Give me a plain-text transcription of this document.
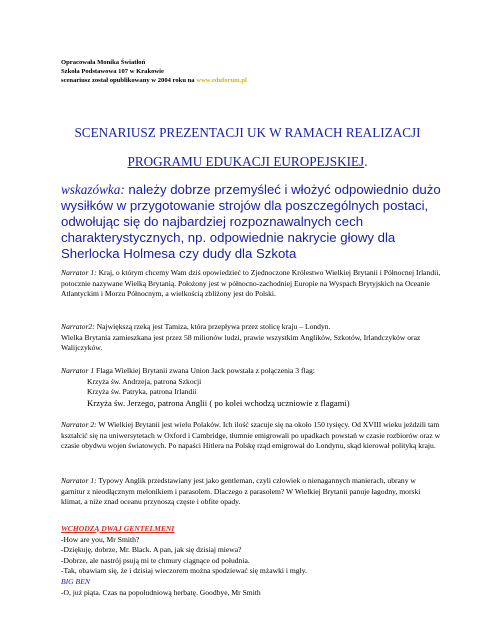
Opracowała Monika Światłoń
Szkoła Podstawowa 107 w Krakowie
scenariusz został opublikowany w 2004 roku na www.eduforum.pl
SCENARIUSZ PREZENTACJI UK W RAMACH REALIZACJI
PROGRAMU EDUKACJI EUROPEJSKIEJ.
wskazówka: należy dobrze przemyśleć i włożyć odpowiednio dużo wysiłków w przygotowanie strojów dla poszczególnych postaci, odwołując się do najbardziej rozpoznawalnych cech charakterystycznych, np. odpowiednie nakrycie głowy dla Sherlocka Holmesa czy dudy dla Szkota
Narrator 1: Kraj, o którym chcemy Wam dziś opowiedzieć to Zjednoczone Królestwo Wielkiej Brytanii i Północnej Irlandii, potocznie nazywane Wielką Brytanią. Położony jest w północno-zachodniej Europie na Wyspach Brytyjskich na Oceanie Atlantyckim i Morzu Północnym, a wielkością zbliżony jest do Polski.
Narrator2: Największą rzeką jest Tamiza, która przepływa przez stolicę kraju – Londyn.
Wielka Brytania zamieszkana jest przez 58 milionów ludzi, prawie wszystkim Anglików, Szkotów, Irlandczyków oraz Walijczyków.
Narrator 1 Flaga Wielkiej Brytanii zwana Union Jack powstała z połączenia 3 flag:
Krzyża św. Andrzeja, patrona Szkocji
Krzyża św. Patryka, patrona Irlandii
Krzyża św. Jerzego, patrona Anglii ( po kolei wchodzą uczniowie z flagami)
Narrator 2: W Wielkiej Brytanii jest wielu Polaków. Ich ilość szacuje się na około 150 tysięcy. Od XVIII wieku jeździli tam kształcić się na uniwersytetach w Oxford i Cambridge, tłumnie emigrowali po upadkach powstań w czasie rozbiorów oraz w czasie obydwu wojen światowych. Po napaści Hitlera na Polskę rząd emigrował do Londynu, skąd kierował polityką kraju.
Narrator 1: Typowy Anglik przedstawiany jest jako gentleman, czyli człowiek o nienagannych manierach, ubrany w garnitur z nieodłącznym melonikiem i parasolem. Dlaczego z parasolem? W Wielkiej Brytanii panuje łagodny, morski klimat, a niże znad oceanu przynoszą częste i obfite opady.
WCHODZĄ DWAJ GENTELMENI
-How are you, Mr Smith?
-Dziękuję, dobrze, Mr. Black. A pan, jak się dzisiaj miewa?
-Dobrze, ale nastrój psują mi te chmury ciągnące od południa.
-Tak, obawiam się, że i dzisiaj wieczorem można spodziewać się mżawki i mgły.
BIG BEN
-O, już piąta. Czas na popołudniową herbatę. Goodbye, Mr Smith
